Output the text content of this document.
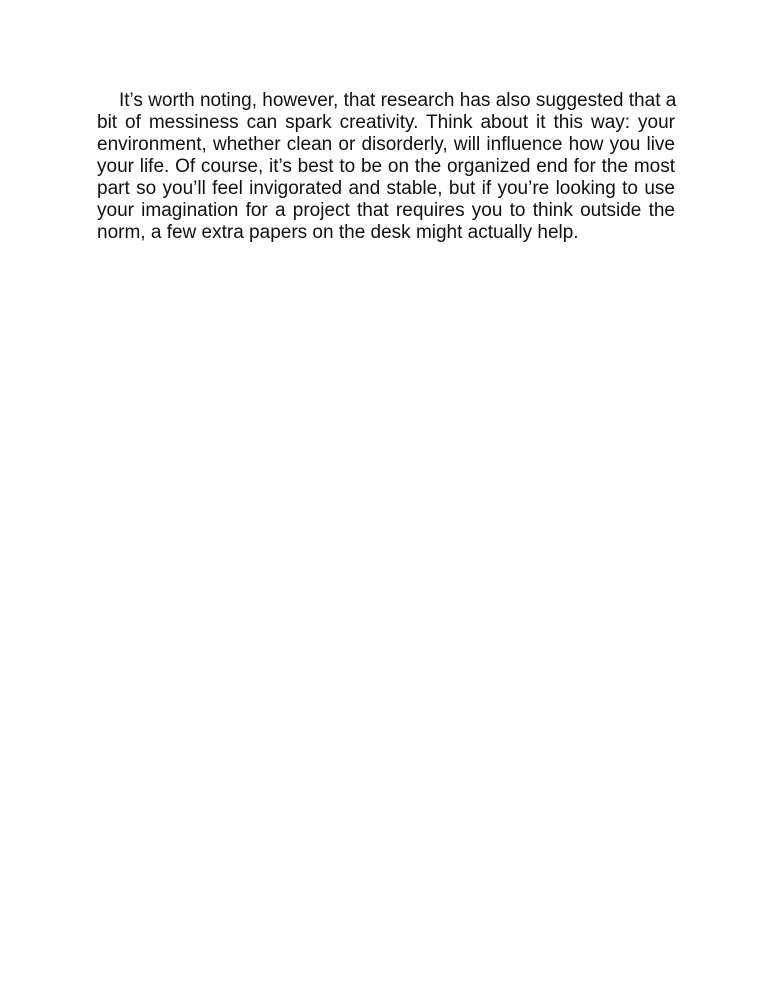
It’s worth noting, however, that research has also suggested that a
bit of messiness can spark creativity. Think about it this way: your
environment, whether clean or disorderly, will influence how you live
your life. Of course, it’s best to be on the organized end for the most
part so you’ll feel invigorated and stable, but if you’re looking to use
your imagination for a project that requires you to think outside the
norm, a few extra papers on the desk might actually help.
